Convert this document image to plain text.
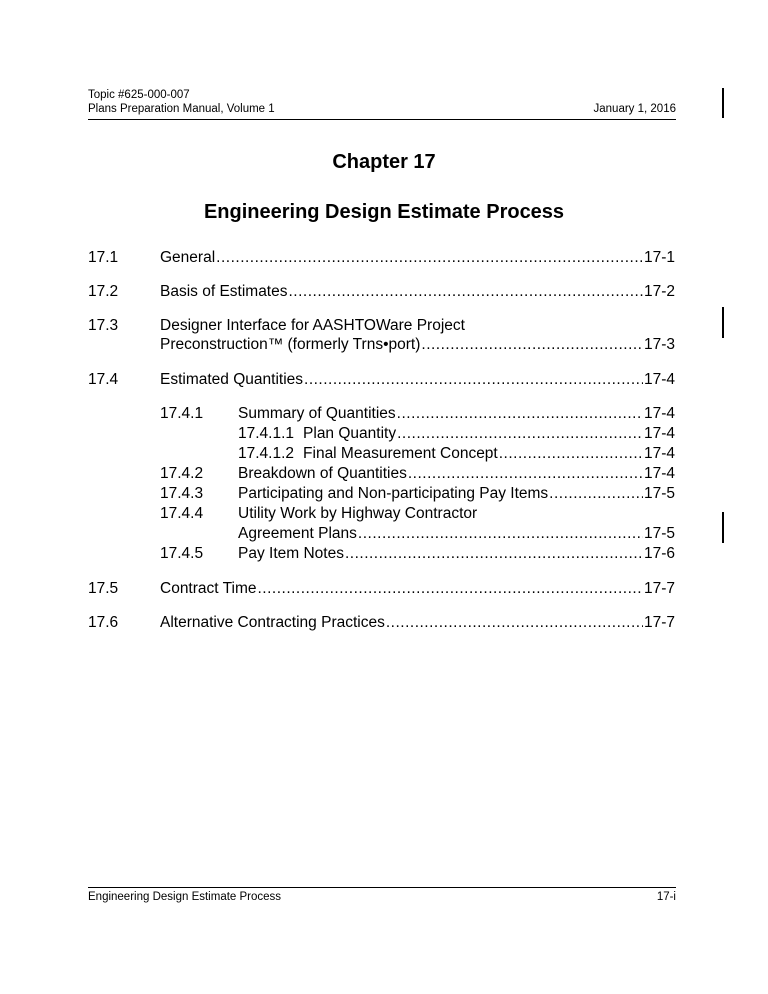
Topic #625-000-007
Plans Preparation Manual, Volume 1	January 1, 2016
Chapter 17
Engineering Design Estimate Process
17.1	General .....	17-1
17.2	Basis of Estimates .....	17-2
17.3	Designer Interface for AASHTOWare Project
Preconstruction™ (formerly Trns•port) .....	17-3
17.4	Estimated Quantities .....	17-4
17.4.1 Summary of Quantities .....	17-4
17.4.1.1 Plan Quantity .....	17-4
17.4.1.2 Final Measurement Concept .....	17-4
17.4.2 Breakdown of Quantities .....	17-4
17.4.3 Participating and Non-participating Pay Items .....	17-5
17.4.4 Utility Work by Highway Contractor
Agreement Plans .....	17-5
17.4.5 Pay Item Notes .....	17-6
17.5	Contract Time .....	17-7
17.6	Alternative Contracting Practices .....	17-7
Engineering Design Estimate Process	17-i
